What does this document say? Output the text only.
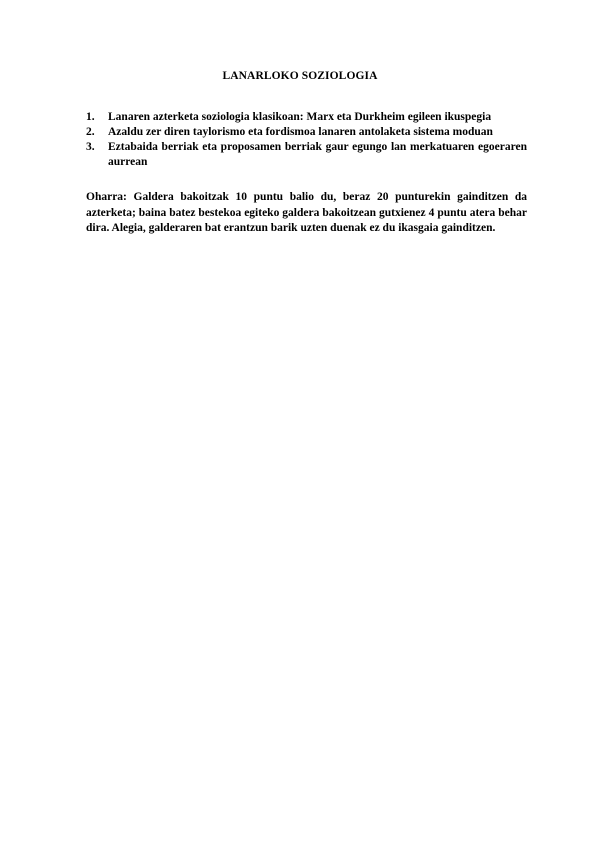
LANARLOKO SOZIOLOGIA
1. Lanaren azterketa soziologia klasikoan: Marx eta Durkheim egileen ikuspegia
2. Azaldu zer diren taylorismo eta fordismoa lanaren antolaketa sistema moduan
3. Eztabaida berriak eta proposamen berriak gaur egungo lan merkatuaren egoeraren aurrean

Oharra: Galdera bakoitzak 10 puntu balio du, beraz 20 punturekin gainditzen da azterketa; baina batez bestekoa egiteko galdera bakoitzean gutxienez 4 puntu atera behar dira. Alegia, galderaren bat erantzun barik uzten duenak ez du ikasgaia gainditzen.
